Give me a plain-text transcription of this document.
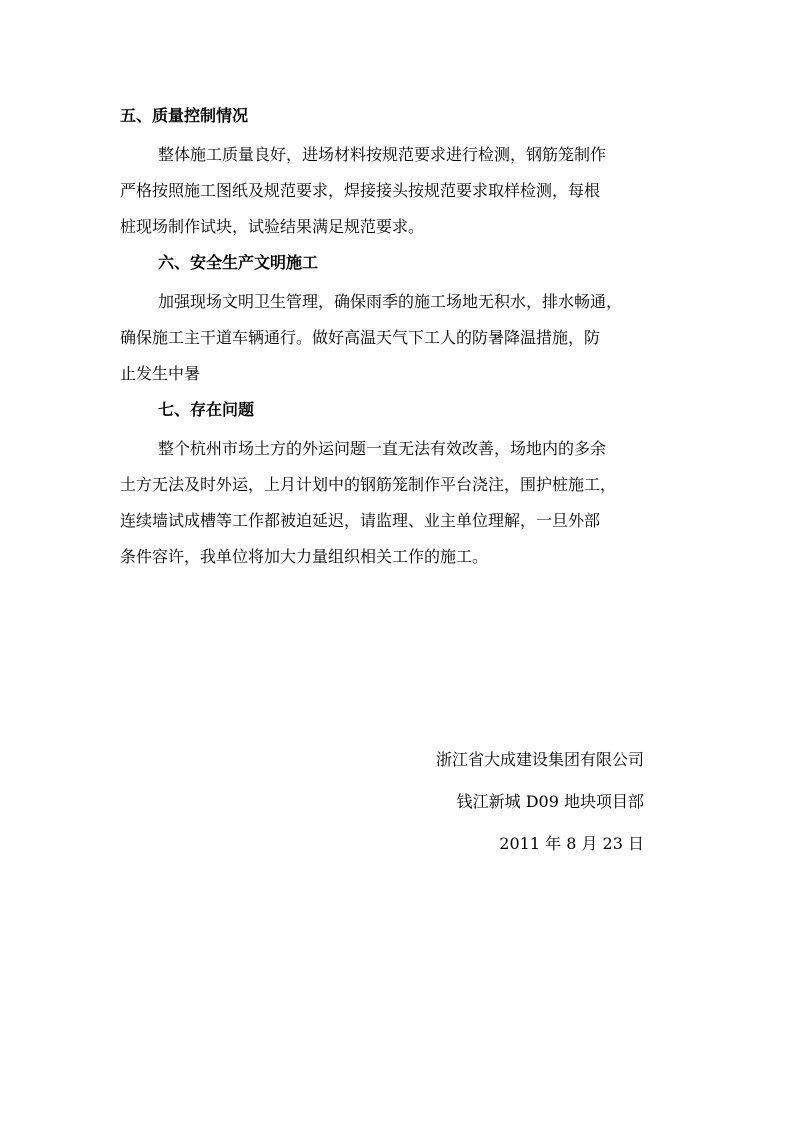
五、质量控制情况
整体施工质量良好，进场材料按规范要求进行检测，钢筋笼制作
严格按照施工图纸及规范要求，焊接接头按规范要求取样检测，每根
桩现场制作试块，试验结果满足规范要求。
六、安全生产文明施工
加强现场文明卫生管理，确保雨季的施工场地无积水，排水畅通，
确保施工主干道车辆通行。做好高温天气下工人的防暑降温措施，防
止发生中暑
七、存在问题
整个杭州市场土方的外运问题一直无法有效改善，场地内的多余
土方无法及时外运，上月计划中的钢筋笼制作平台浇注，围护桩施工，
连续墙试成槽等工作都被迫延迟，请监理、业主单位理解，一旦外部
条件容许，我单位将加大力量组织相关工作的施工。
浙江省大成建设集团有限公司
钱江新城 D09 地块项目部
2011 年 8 月 23 日
